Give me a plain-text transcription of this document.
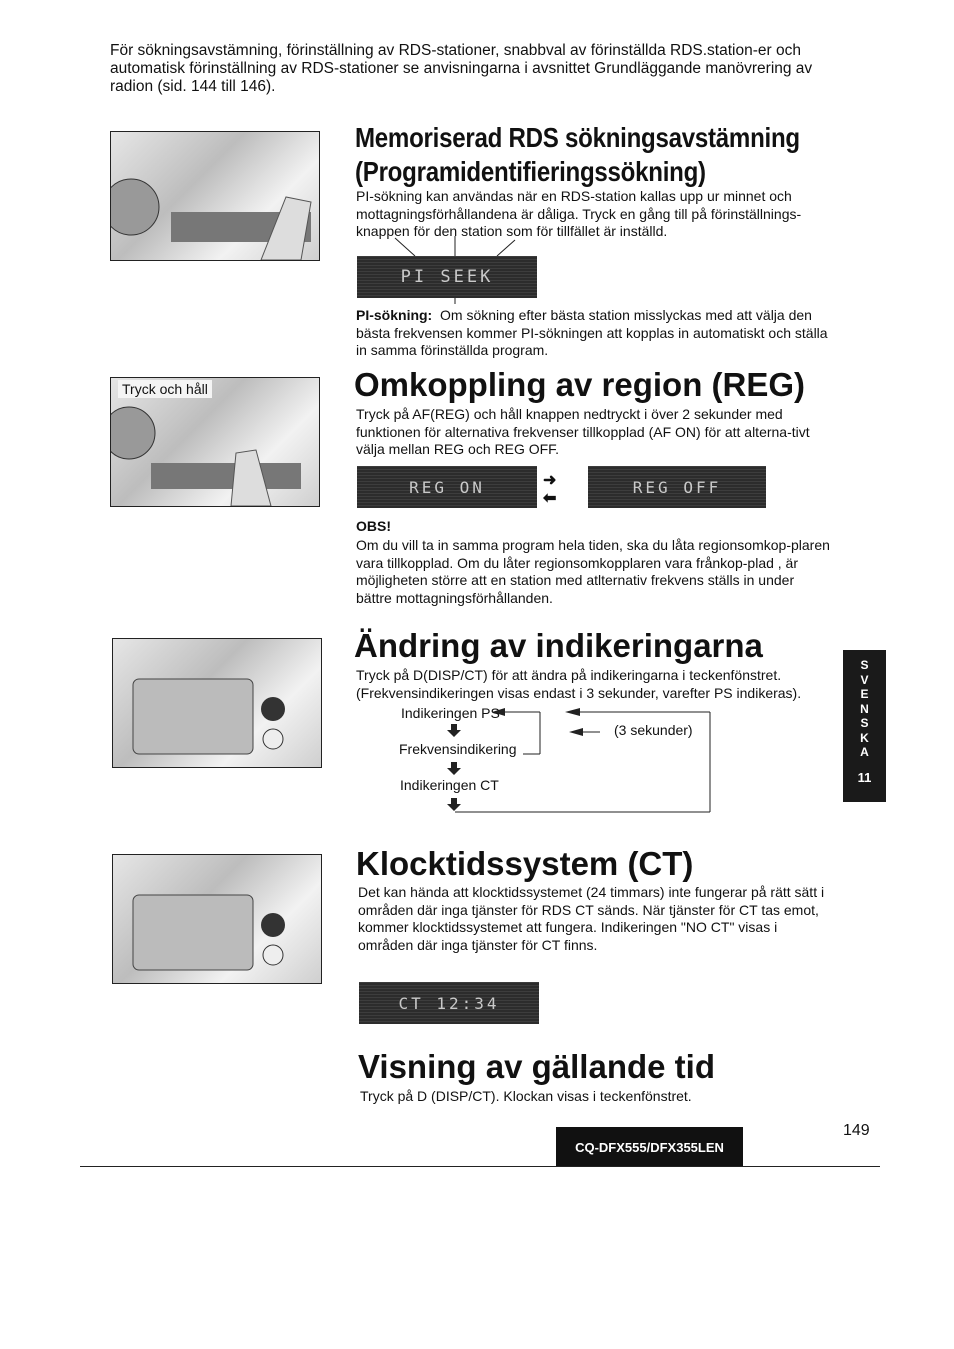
För sökningsavstämning, förinställning av RDS-stationer, snabbval av förinställda RDS.station-er och automatisk förinställning av RDS-stationer se anvisningarna i avsnittet Grundläggande manövrering av radion (sid. 144 till 146).
Memoriserad RDS sökningsavstämning
(Programidentifieringssökning)
PI-sökning kan användas när en RDS-station kallas upp ur minnet och mottagningsförhållandena är dåliga. Tryck en gång till på förinställnings-knappen för den station som för tillfället är inställd.
PI SEEK
PI-sökning: Om sökning efter bästa station misslyckas med att välja den bästa frekvensen kommer PI-sökningen att kopplas in automatiskt och ställa in samma förinställda program.
Tryck och håll	Omkoppling av region (REG)
Tryck på AF(REG) och håll knappen nedtryckt i över 2 sekunder med funktionen för alternativa frekvenser tillkopplad (AF ON) för att alterna-tivt välja mellan REG och REG OFF.
REG ON	➜
⬅
REG OFF
OBS!
Om du vill ta in samma program hela tiden, ska du låta regionsomkop-plaren vara tillkopplad. Om du låter regionsomkopplaren vara frånkop-plad , är möjligheten större att en station med atlternativ frekvens ställs in under bättre mottagningsförhållanden.
Ändring av indikeringarna
Tryck på D(DISP/CT) för att ändra på indikeringarna i teckenfönstret. (Frekvensindikeringen visas endast i 3 sekunder, varefter PS indikeras).
Indikeringen PS
Frekvensindikering
Indikeringen CT
(3 sekunder)
S
V
E
N
S
K
A
11
Klocktidssystem (CT)
Det kan hända att klocktidssystemet (24 timmars) inte fungerar på rätt sätt i områden där inga tjänster för RDS CT sänds. När tjänster för CT tas emot, kommer klocktidssystemet att fungera. Indikeringen "NO CT" visas i områden där inga tjänster för CT finns.
CT 12:34
Visning av gällande tid
Tryck på D (DISP/CT). Klockan visas i teckenfönstret.
CQ-DFX555/DFX355LEN
149
